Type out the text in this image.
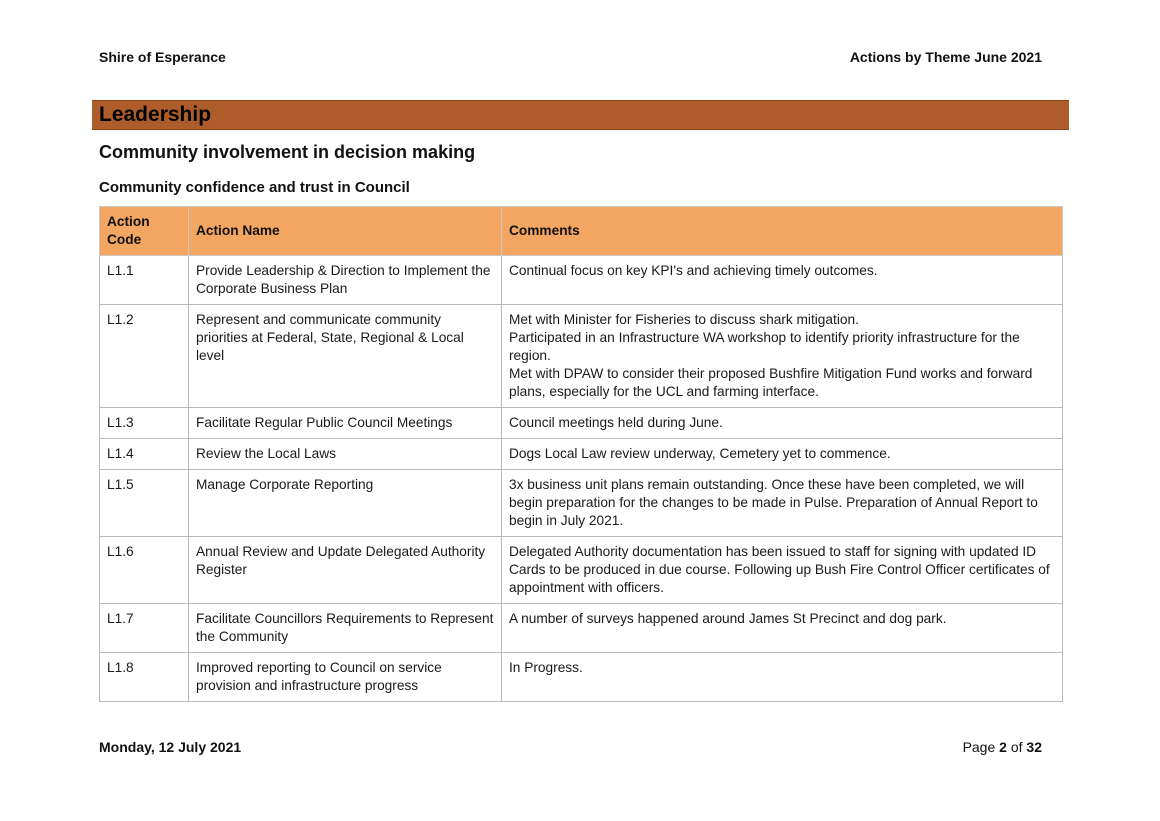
Shire of Esperance	Actions by Theme June 2021
Leadership
Community involvement in decision making
Community confidence and trust in Council
Action Code	Action Name	Comments
L1.1	Provide Leadership & Direction to Implement the Corporate Business Plan	Continual focus on key KPI's and achieving timely outcomes.

L1.2	Represent and communicate community priorities at Federal, State, Regional & Local level	Met with Minister for Fisheries to discuss shark mitigation.
Participated in an Infrastructure WA workshop to identify priority infrastructure for the region.
Met with DPAW to consider their proposed Bushfire Mitigation Fund works and forward plans, especially for the UCL and farming interface.

L1.3	Facilitate Regular Public Council Meetings	Council meetings held during June.

L1.4	Review the Local Laws	Dogs Local Law review underway, Cemetery yet to commence.

L1.5	Manage Corporate Reporting	3x business unit plans remain outstanding. Once these have been completed, we will begin preparation for the changes to be made in Pulse. Preparation of Annual Report to begin in July 2021.

L1.6	Annual Review and Update Delegated Authority Register	Delegated Authority documentation has been issued to staff for signing with updated ID Cards to be produced in due course. Following up Bush Fire Control Officer certificates of appointment with officers.

L1.7	Facilitate Councillors Requirements to Represent the Community	A number of surveys happened around James St Precinct and dog park.

L1.8	Improved reporting to Council on service provision and infrastructure progress	In Progress.
Monday, 12 July 2021	Page 2 of 32
